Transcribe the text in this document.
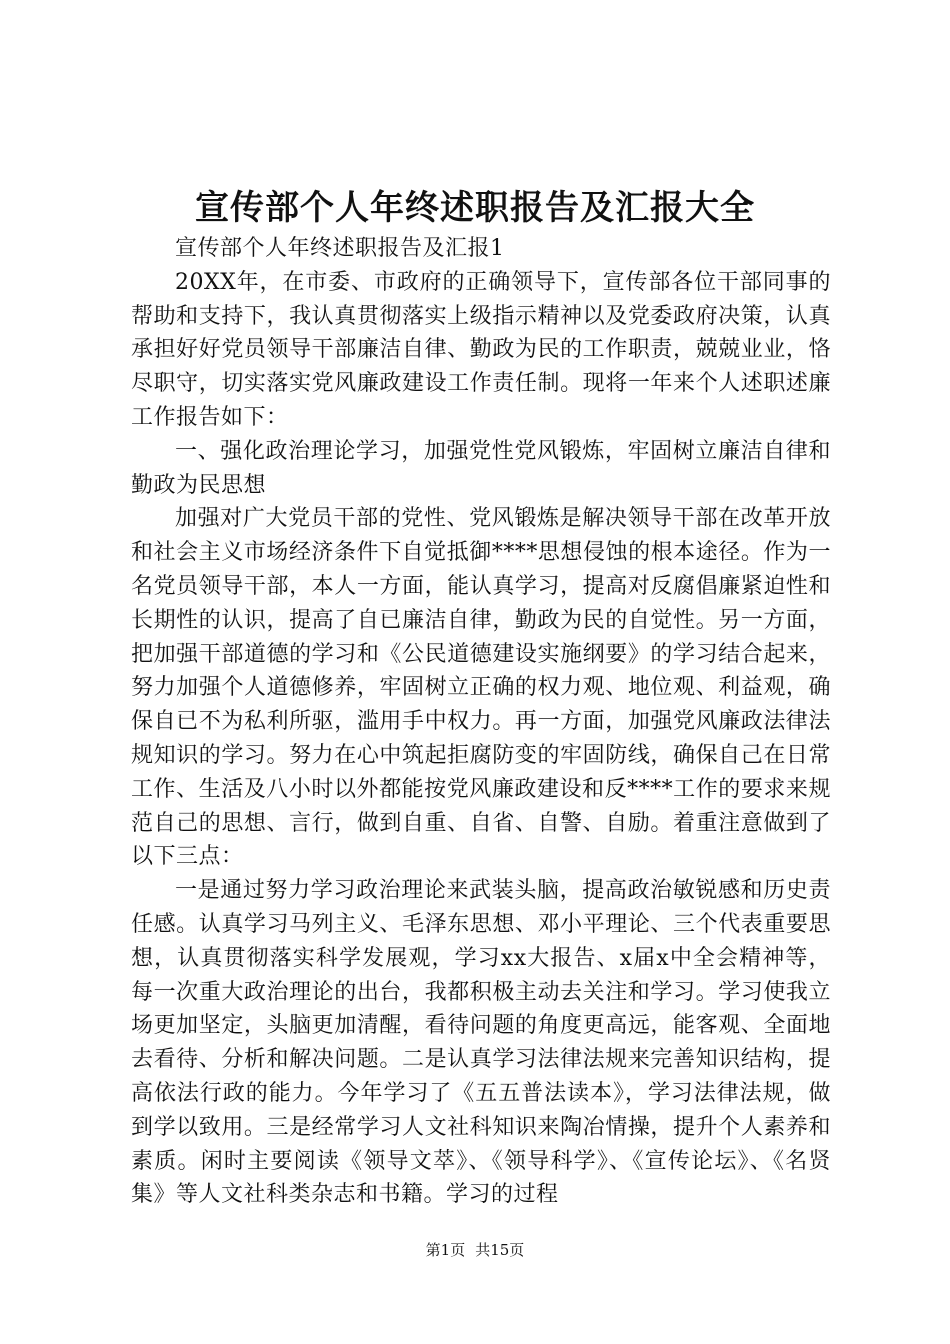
宣传部个人年终述职报告及汇报大全

宣传部个人年终述职报告及汇报1

20XX年，在市委、市政府的正确领导下，宣传部各位干部同事的帮助和支持下，我认真贯彻落实上级指示精神以及党委政府决策，认真承担好好党员领导干部廉洁自律、勤政为民的工作职责，兢兢业业，恪尽职守，切实落实党风廉政建设工作责任制。现将一年来个人述职述廉工作报告如下：

一、强化政治理论学习，加强党性党风锻炼，牢固树立廉洁自律和勤政为民思想

加强对广大党员干部的党性、党风锻炼是解决领导干部在改革开放和社会主义市场经济条件下自觉抵御****思想侵蚀的根本途径。作为一名党员领导干部，本人一方面，能认真学习，提高对反腐倡廉紧迫性和长期性的认识，提高了自已廉洁自律，勤政为民的自觉性。另一方面，把加强干部道德的学习和《公民道德建设实施纲要》的学习结合起来，努力加强个人道德修养，牢固树立正确的权力观、地位观、利益观，确保自已不为私利所驱，滥用手中权力。再一方面，加强党风廉政法律法规知识的学习。努力在心中筑起拒腐防变的牢固防线，确保自己在日常工作、生活及八小时以外都能按党风廉政建设和反****工作的要求来规范自己的思想、言行，做到自重、自省、自警、自励。着重注意做到了以下三点：

一是通过努力学习政治理论来武装头脑，提高政治敏锐感和历史责任感。认真学习马列主义、毛泽东思想、邓小平理论、三个代表重要思想，认真贯彻落实科学发展观，学习xx大报告、x届x中全会精神等，每一次重大政治理论的出台，我都积极主动去关注和学习。学习使我立场更加坚定，头脑更加清醒，看待问题的角度更高远，能客观、全面地去看待、分析和解决问题。二是认真学习法律法规来完善知识结构，提高依法行政的能力。今年学习了《五五普法读本》，学习法律法规，做到学以致用。三是经常学习人文社科知识来陶冶情操，提升个人素养和素质。闲时主要阅读《领导文萃》、《领导科学》、《宣传论坛》、《名贤集》等人文社科类杂志和书籍。学习的过程

第1页 共15页
